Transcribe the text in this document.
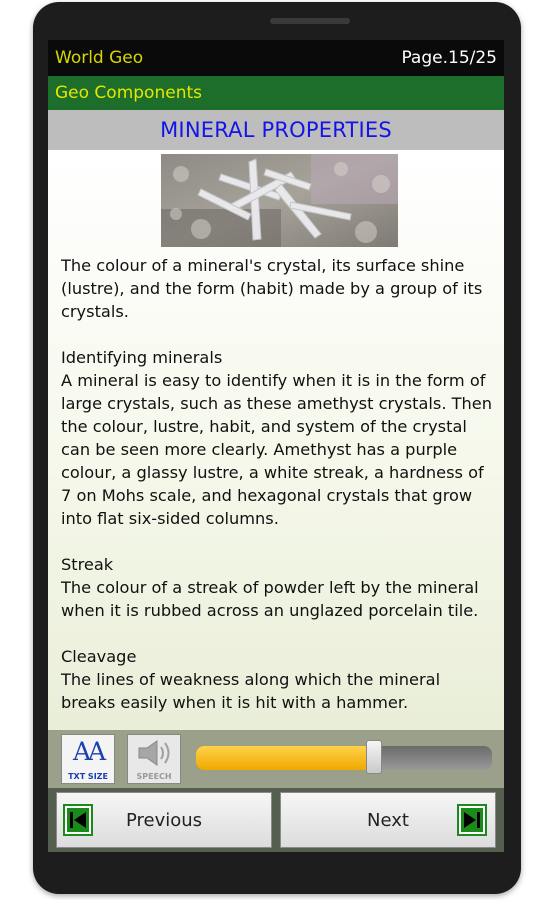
World Geo	Page.15/25
Geo Components
MINERAL PROPERTIES

The colour of a mineral's crystal, its surface shine (lustre), and the form (habit) made by a group of its crystals.

Identifying minerals

A mineral is easy to identify when it is in the form of large crystals, such as these amethyst crystals. Then the colour, lustre, habit, and system of the crystal can be seen more clearly. Amethyst has a purple colour, a glassy lustre, a white streak, a hardness of 7 on Mohs scale, and hexagonal crystals that grow into flat six-sided columns.

Streak

The colour of a streak of powder left by the mineral when it is rubbed across an unglazed porcelain tile.

Cleavage

The lines of weakness along which the mineral breaks easily when it is hit with a hammer.

AA
TXT SIZE	SPEECH
Previous	Next
